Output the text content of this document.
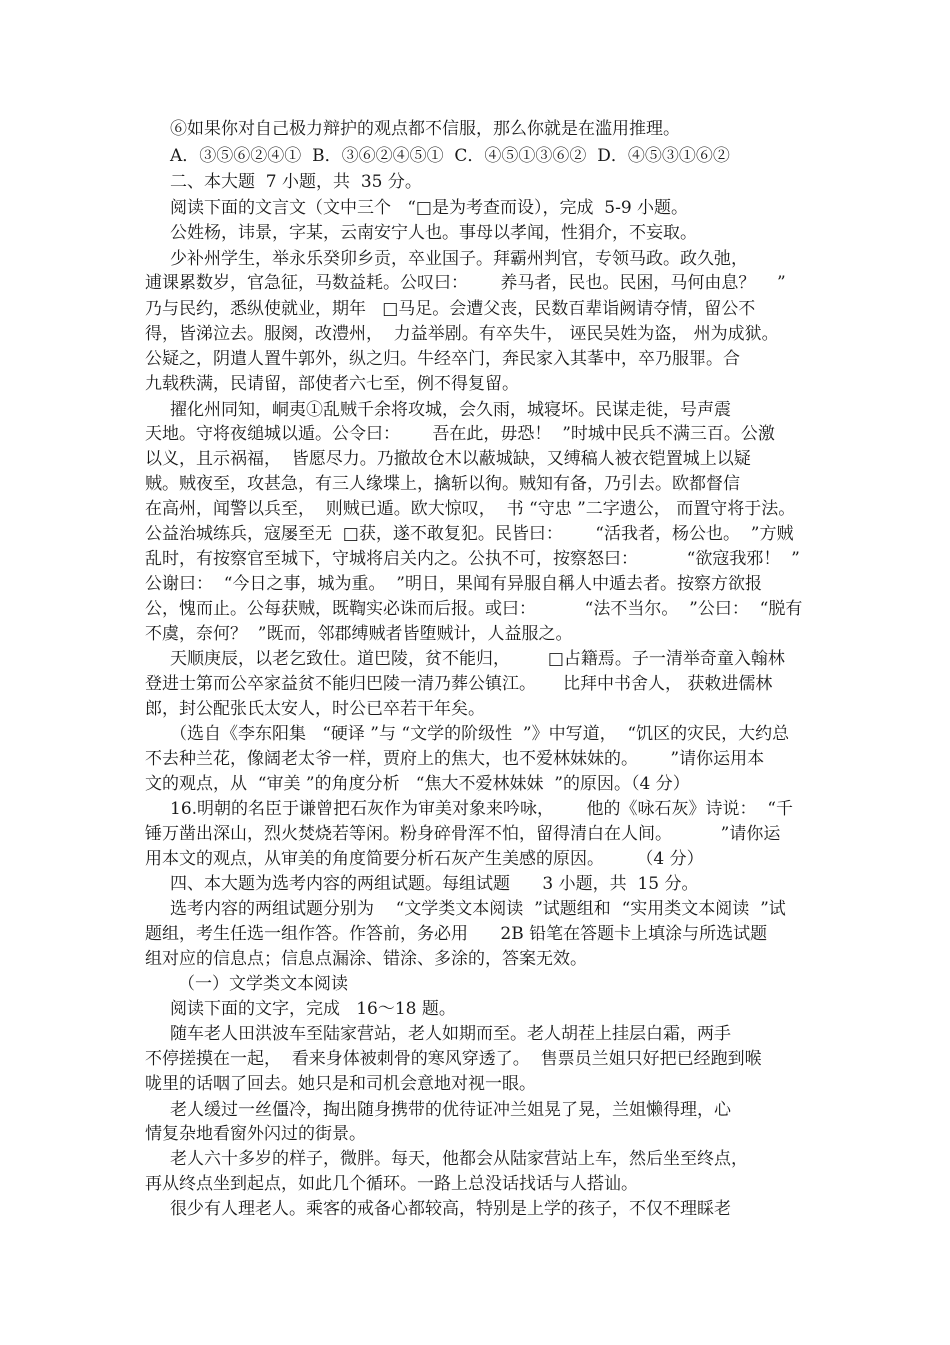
⑥如果你对自己极力辩护的观点都不信服，那么你就是在滥用推理。
A．③⑤⑥②④①  B．③⑥②④⑤①  C．④⑤①③⑥②  D．④⑤③①⑥②
二、本大题  7 小题，共  35 分。
阅读下面的文言文（文中三个   “□是为考查而设），完成  5-9 小题。
公姓杨，讳景，字某，云南安宁人也。事母以孝闻，性狷介，不妄取。
少补州学生，举永乐癸卯乡贡，卒业国子。拜霸州判官，专领马政。政久弛，
逋课累数岁，官急征，马数益耗。公叹曰：      养马者，民也。民困，马何由息？    ”
乃与民约，悉纵使就业，期年   □马足。会遭父丧，民数百辈诣阙请夺情，留公不
得，皆涕泣去。服阕，改澧州，  力益举剧。有卒失牛， 诬民吴姓为盗， 州为成狱。
公疑之，阴遣人置牛郭外，纵之归。牛经卒门，奔民家入其莑中，卒乃服罪。合
九载秩满，民请留，部使者六七至，例不得复留。
擢化州同知，峒夷①乱贼千余将攻城，会久雨，城寝坏。民谋走徙，号声震
天地。守将夜缒城以遁。公令曰：      吾在此，毋恐！  ”时城中民兵不满三百。公激
以义，且示祸福，  皆愿尽力。乃撤故仓木以蔽城缺，又缚稿人被衣铠置城上以疑
贼。贼夜至，攻甚急，有三人缘堞上，擒斩以徇。贼知有备，乃引去。欧都督信
在高州，闻警以兵至，  则贼已遁。欧大惊叹，  书 “守忠 ”二字遗公， 而置守将于法。
公益治城练兵，寇屡至无  □获，遂不敢复犯。民皆曰：      “活我者，杨公也。  ”方贼
乱时，有按察官至城下，守城将启关内之。公执不可，按察怒曰：         “欲寇我邪！  ”
公谢曰：  “今日之事，城为重。  ”明日，果闻有异服自稱人中遁去者。按察方欲报
公，愧而止。公每获贼，既鞫实必诛而后报。或曰：         “法不当尔。  ”公曰：  “脱有
不虞，奈何？  ”既而，邻郡缚贼者皆堕贼计，人益服之。
天顺庚辰，以老乞致仕。道巴陵，贫不能归，       □占籍焉。子一清举奇童入翰林
登进士第而公卒家益贫不能归巴陵一清乃葬公镇江。     比拜中书舍人， 获敕进儒林
郎，封公配张氏太安人，时公已卒若干年矣。
（选自《李东阳集   “硬译 ”与 “文学的阶级性  ”》中写道，  “饥区的灾民，大约总
不去种兰花，像阔老太爷一样，贾府上的焦大，也不爱林妹妹的。      ”请你运用本
文的观点，从  “审美 ”的角度分析   “焦大不爱林妹妹  ”的原因。（4 分）
16.明朝的名臣于谦曾把石灰作为审美对象来吟咏，      他的《咏石灰》诗说：  “千
锤万凿出深山，烈火焚烧若等闲。粉身碎骨浑不怕，留得清白在人间。         ”请你运
用本文的观点，从审美的角度简要分析石灰产生美感的原因。      （4 分）
四、本大题为选考内容的两组试题。每组试题      3 小题，共  15 分。
选考内容的两组试题分别为    “文学类文本阅读  ”试题组和  “实用类文本阅读  ”试
题组，考生任选一组作答。作答前，务必用      2B 铅笔在答题卡上填涂与所选试题
组对应的信息点；信息点漏涂、错涂、多涂的，答案无效。
（一）文学类文本阅读
阅读下面的文字，完成   16～18 题。
随车老人田洪波车至陆家营站，老人如期而至。老人胡茬上挂层白霜，两手
不停搓摸在一起，  看来身体被刺骨的寒风穿透了。  售票员兰姐只好把已经跑到喉
咙里的话咽了回去。她只是和司机会意地对视一眼。
老人缓过一丝僵冷，掏出随身携带的优待证冲兰姐晃了晃，兰姐懒得理，心
情复杂地看窗外闪过的街景。
老人六十多岁的样子，微胖。每天，他都会从陆家营站上车，然后坐至终点，
再从终点坐到起点，如此几个循环。一路上总没话找话与人搭讪。
很少有人理老人。乘客的戒备心都较高，特别是上学的孩子，不仅不理睬老
